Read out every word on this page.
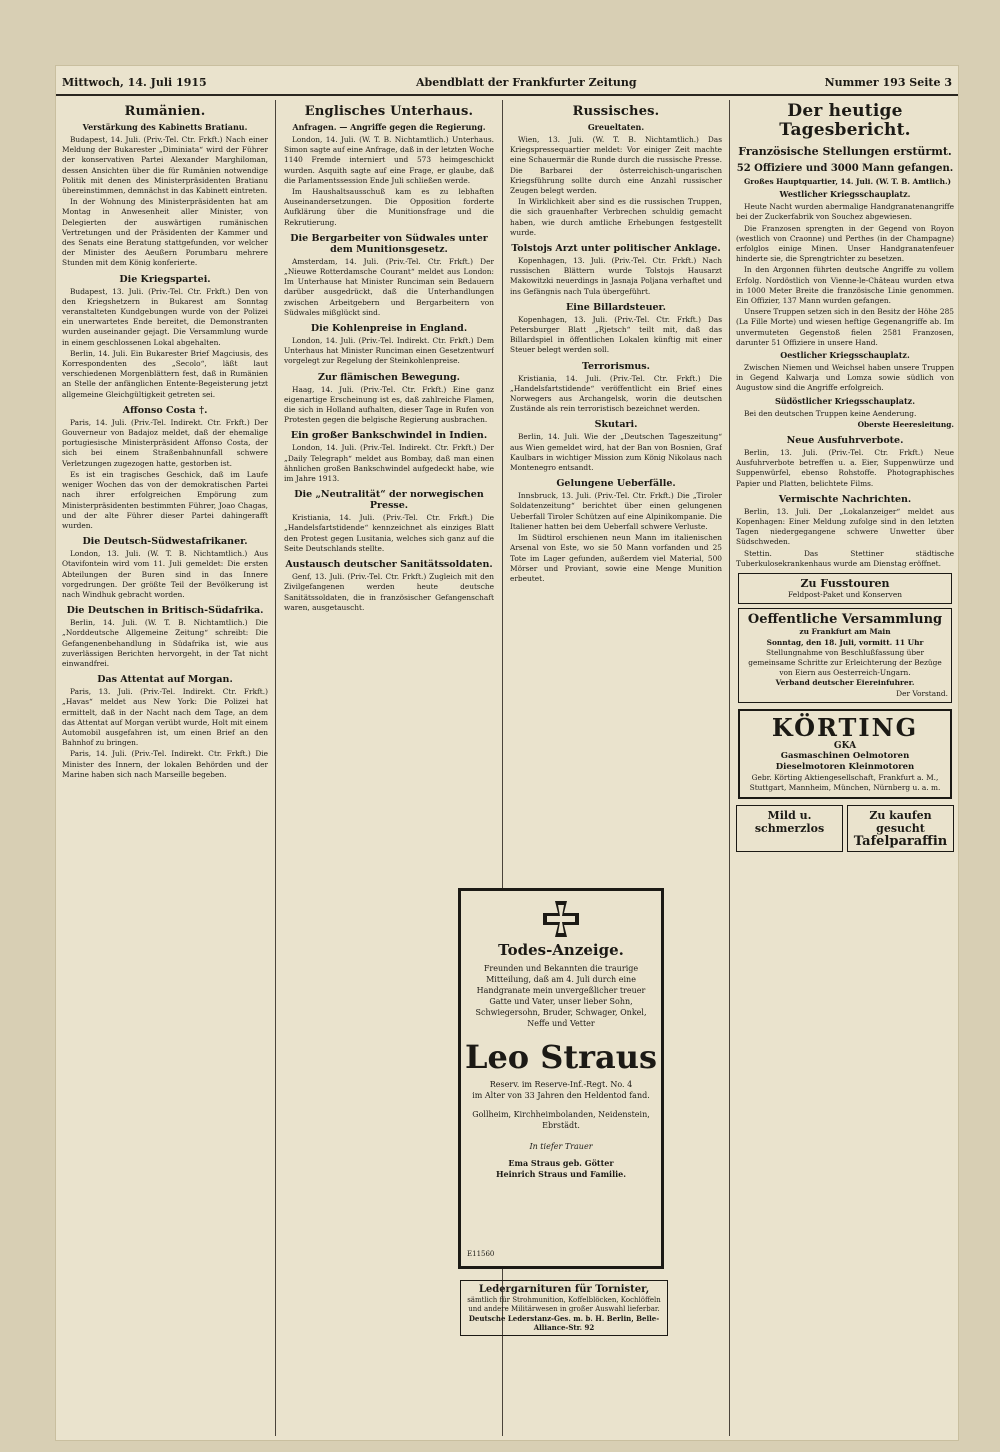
Mittwoch, 14. Juli 1915	Abendblatt der Frankfurter Zeitung	Nummer 193 Seite 3
Rumänien.
Verstärkung des Kabinetts Bratianu.

Budapest, 14. Juli. (Priv.-Tel. Ctr. Frkft.) Nach einer Meldung der Bukarester „Diminiata“ wird der Führer der konservativen Partei Alexander Marghiloman, dessen Ansichten über die für Rumänien notwendige Politik mit denen des Ministerpräsidenten Bratianu übereinstimmen, demnächst in das Kabinett eintreten.

In der Wohnung des Ministerpräsidenten hat am Montag in Anwesenheit aller Minister, von Delegierten der auswärtigen rumänischen Vertretungen und der Präsidenten der Kammer und des Senats eine Beratung stattgefunden, vor welcher der Minister des Aeußern Porumbaru mehrere Stunden mit dem König konferierte.

Die Kriegspartei.

Budapest, 13. Juli. (Priv.-Tel. Ctr. Frkft.) Den von den Kriegshetzern in Bukarest am Sonntag veranstalteten Kundgebungen wurde von der Polizei ein unerwartetes Ende bereitet, die Demonstranten wurden auseinander gejagt. Die Versammlung wurde in einem geschlossenen Lokal abgehalten.

Berlin, 14. Juli. Ein Bukarester Brief Magciusis, des Korrespondenten des „Secolo“, läßt laut verschiedenen Morgenblättern fest, daß in Rumänien an Stelle der anfänglichen Entente-Begeisterung jetzt allgemeine Gleichgültigkeit getreten sei.

Affonso Costa †.

Paris, 14. Juli. (Priv.-Tel. Indirekt. Ctr. Frkft.) Der Gouverneur von Badajoz meldet, daß der ehemalige portugiesische Ministerpräsident Affonso Costa, der sich bei einem Straßenbahnunfall schwere Verletzungen zugezogen hatte, gestorben ist.

Es ist ein tragisches Geschick, daß im Laufe weniger Wochen das von der demokratischen Partei nach ihrer erfolgreichen Empörung zum Ministerpräsidenten bestimmten Führer, Joao Chagas, und der alte Führer dieser Partei dahingerafft wurden.

Die Deutsch-Südwestafrikaner.

London, 13. Juli. (W. T. B. Nichtamtlich.) Aus Otavifontein wird vom 11. Juli gemeldet: Die ersten Abteilungen der Buren sind in das Innere vorgedrungen. Der größte Teil der Bevölkerung ist nach Windhuk gebracht worden.

Die Deutschen in Britisch-Südafrika.

Berlin, 14. Juli. (W. T. B. Nichtamtlich.) Die „Norddeutsche Allgemeine Zeitung“ schreibt: Die Gefangenenbehandlung in Südafrika ist, wie aus zuverlässigen Berichten hervorgeht, in der Tat nicht einwandfrei.

Das Attentat auf Morgan.

Paris, 13. Juli. (Priv.-Tel. Indirekt. Ctr. Frkft.) „Havas“ meldet aus New York: Die Polizei hat ermittelt, daß in der Nacht nach dem Tage, an dem das Attentat auf Morgan verübt wurde, Holt mit einem Automobil ausgefahren ist, um einen Brief an den Bahnhof zu bringen.

Paris, 14. Juli. (Priv.-Tel. Indirekt. Ctr. Frkft.) Die Minister des Innern, der lokalen Behörden und der Marine haben sich nach Marseille begeben.

Englisches Unterhaus.
Anfragen. — Angriffe gegen die Regierung.

London, 14. Juli. (W. T. B. Nichtamtlich.) Unterhaus. Simon sagte auf eine Anfrage, daß in der letzten Woche 1140 Fremde interniert und 573 heimgeschickt wurden. Asquith sagte auf eine Frage, er glaube, daß die Parlamentssession Ende Juli schließen werde.

Im Haushaltsausschuß kam es zu lebhaften Auseinandersetzungen. Die Opposition forderte Aufklärung über die Munitionsfrage und die Rekrutierung.

Die Bergarbeiter von Südwales unter dem Munitionsgesetz.

Amsterdam, 14. Juli. (Priv.-Tel. Ctr. Frkft.) Der „Nieuwe Rotterdamsche Courant“ meldet aus London: Im Unterhause hat Minister Runciman sein Bedauern darüber ausgedrückt, daß die Unterhandlungen zwischen Arbeitgebern und Bergarbeitern von Südwales mißglückt sind.

Die Kohlenpreise in England.

London, 14. Juli. (Priv.-Tel. Indirekt. Ctr. Frkft.) Dem Unterhaus hat Minister Runciman einen Gesetzentwurf vorgelegt zur Regelung der Steinkohlenpreise.

Zur flämischen Bewegung.

Haag, 14. Juli. (Priv.-Tel. Ctr. Frkft.) Eine ganz eigenartige Erscheinung ist es, daß zahlreiche Flamen, die sich in Holland aufhalten, dieser Tage in Rufen von Protesten gegen die belgische Regierung ausbrachen.

Ein großer Bankschwindel in Indien.

London, 14. Juli. (Priv.-Tel. Indirekt. Ctr. Frkft.) Der „Daily Telegraph“ meldet aus Bombay, daß man einen ähnlichen großen Bankschwindel aufgedeckt habe, wie im Jahre 1913.

Die „Neutralität“ der norwegischen Presse.

Kristiania, 14. Juli. (Priv.-Tel. Ctr. Frkft.) Die „Handelsfartstidende“ kennzeichnet als einziges Blatt den Protest gegen Lusitania, welches sich ganz auf die Seite Deutschlands stellte.

Austausch deutscher Sanitätssoldaten.

Genf, 13. Juli. (Priv.-Tel. Ctr. Frkft.) Zugleich mit den Zivilgefangenen werden heute deutsche Sanitätssoldaten, die in französischer Gefangenschaft waren, ausgetauscht.

Russisches.
Greueltaten.

Wien, 13. Juli. (W. T. B. Nichtamtlich.) Das Kriegspressequartier meldet: Vor einiger Zeit machte eine Schauermär die Runde durch die russische Presse. Die Barbarei der österreichisch-ungarischen Kriegsführung sollte durch eine Anzahl russischer Zeugen belegt werden.

In Wirklichkeit aber sind es die russischen Truppen, die sich grauenhafter Verbrechen schuldig gemacht haben, wie durch amtliche Erhebungen festgestellt wurde.

Tolstojs Arzt unter politischer Anklage.

Kopenhagen, 13. Juli. (Priv.-Tel. Ctr. Frkft.) Nach russischen Blättern wurde Tolstojs Hausarzt Makowitzki neuerdings in Jasnaja Poljana verhaftet und ins Gefängnis nach Tula übergeführt.

Eine Billardsteuer.

Kopenhagen, 13. Juli. (Priv.-Tel. Ctr. Frkft.) Das Petersburger Blatt „Rjetsch“ teilt mit, daß das Billardspiel in öffentlichen Lokalen künftig mit einer Steuer belegt werden soll.

Terrorismus.

Kristiania, 14. Juli. (Priv.-Tel. Ctr. Frkft.) Die „Handelsfartstidende“ veröffentlicht ein Brief eines Norwegers aus Archangelsk, worin die deutschen Zustände als rein terroristisch bezeichnet werden.

Skutari.

Berlin, 14. Juli. Wie der „Deutschen Tageszeitung“ aus Wien gemeldet wird, hat der Ban von Bosnien, Graf Kaulbars in wichtiger Mission zum König Nikolaus nach Montenegro entsandt.

Gelungene Ueberfälle.

Innsbruck, 13. Juli. (Priv.-Tel. Ctr. Frkft.) Die „Tiroler Soldatenzeitung“ berichtet über einen gelungenen Ueberfall Tiroler Schützen auf eine Alpinikompanie. Die Italiener hatten bei dem Ueberfall schwere Verluste.

Im Südtirol erschienen neun Mann im italienischen Arsenal von Este, wo sie 50 Mann vorfanden und 25 Tote im Lager gefunden, außerdem viel Material, 500 Mörser und Proviant, sowie eine Menge Munition erbeutet.

Todes-Anzeige.
Freunden und Bekannten die traurige Mitteilung, daß am 4. Juli durch eine Handgranate mein unvergeßlicher treuer Gatte und Vater, unser lieber Sohn, Schwiegersohn, Bruder, Schwager, Onkel, Neffe und Vetter
Leo Straus
Reserv. im Reserve-Inf.-Regt. No. 4
im Alter von 33 Jahren den Heldentod fand.
Gollheim, Kirchheimbolanden, Neidenstein, Ebrstädt.
In tiefer Trauer
Ema Straus geb. Götter
Heinrich Straus und Familie.
E11560
Ledergarnituren für Tornister,
sämtlich für Strohmunition, Koffelblöcken, Kochlöffeln und andere Militärwesen in großer Auswahl lieferbar.
Deutsche Lederstanz-Ges. m. b. H. Berlin, Belle-Alliance-Str. 92
Der heutige Tagesbericht.
Französische Stellungen erstürmt.
52 Offiziere und 3000 Mann gefangen.

Großes Hauptquartier, 14. Juli. (W. T. B. Amtlich.)

Westlicher Kriegsschauplatz.

Heute Nacht wurden abermalige Handgranatenangriffe bei der Zuckerfabrik von Souchez abgewiesen.

Die Franzosen sprengten in der Gegend von Royon (westlich von Craonne) und Perthes (in der Champagne) erfolglos einige Minen. Unser Handgranatenfeuer hinderte sie, die Sprengtrichter zu besetzen.

In den Argonnen führten deutsche Angriffe zu vollem Erfolg. Nordöstlich von Vienne-le-Château wurden etwa in 1000 Meter Breite die französische Linie genommen. Ein Offizier, 137 Mann wurden gefangen.

Unsere Truppen setzen sich in den Besitz der Höhe 285 (La Fille Morte) und wiesen heftige Gegenangriffe ab. Im unvermuteten Gegenstoß fielen 2581 Franzosen, darunter 51 Offiziere in unsere Hand.

Oestlicher Kriegsschauplatz.

Zwischen Niemen und Weichsel haben unsere Truppen in Gegend Kalwarja und Lomza sowie südlich von Augustow sind die Angriffe erfolgreich.

Südöstlicher Kriegsschauplatz.

Bei den deutschen Truppen keine Aenderung.

Oberste Heeresleitung.
Neue Ausfuhrverbote.

Berlin, 13. Juli. (Priv.-Tel. Ctr. Frkft.) Neue Ausfuhrverbote betreffen u. a. Eier, Suppenwürze und Suppenwürfel, ebenso Rohstoffe. Photographisches Papier und Platten, belichtete Films.

Vermischte Nachrichten.

Berlin, 13. Juli. Der „Lokalanzeiger“ meldet aus Kopenhagen: Einer Meldung zufolge sind in den letzten Tagen niedergegangene schwere Unwetter über Südschweden.

Stettin. Das Stettiner städtische Tuberkulosekrankenhaus wurde am Dienstag eröffnet.

Zu Fusstouren
Feldpost-Paket und Konserven
Oeffentliche Versammlung
zu Frankfurt am Main
Sonntag, den 18. Juli, vormitt. 11 Uhr
Stellungnahme von Beschlußfassung über gemeinsame Schritte zur Erleichterung der Bezüge von Eiern aus Oesterreich-Ungarn.
Verband deutscher Eiereinfuhrer.
Der Vorstand.
KÖRTING
GKA
Gasmaschinen Oelmotoren Dieselmotoren Kleinmotoren
Gebr. Körting Aktiengesellschaft, Frankfurt a. M., Stuttgart, Mannheim, München, Nürnberg u. a. m.
Mild u. schmerzlos
Zu kaufen gesucht
Tafelparaffin
